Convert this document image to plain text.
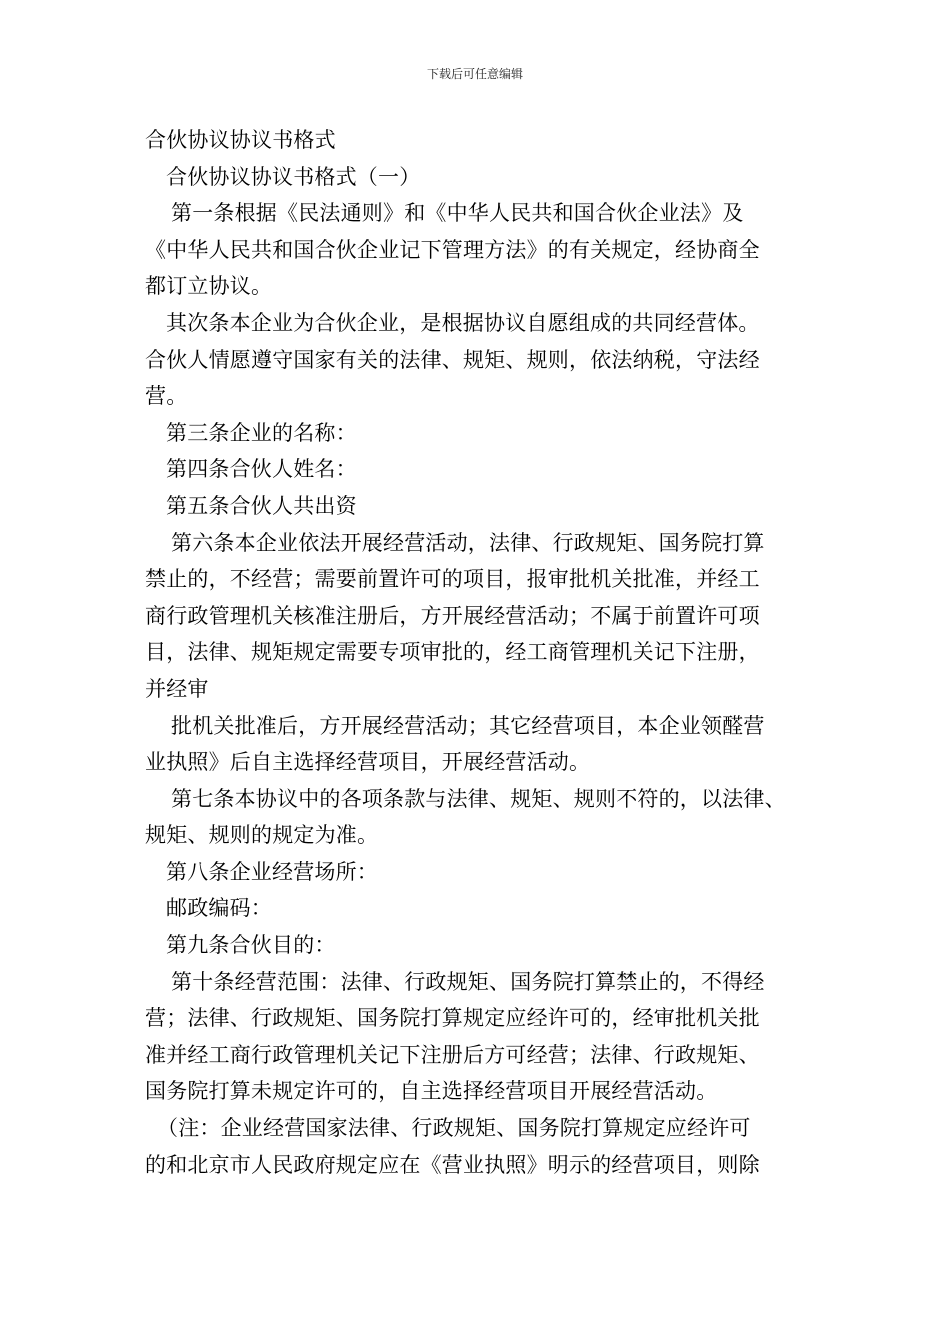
下载后可任意编辑
合伙协议协议书格式
合伙协议协议书格式（一）
第一条根据《民法通则》和《中华人民共和国合伙企业法》及
《中华人民共和国合伙企业记下管理方法》的有关规定，经协商全
都订立协议。
其次条本企业为合伙企业，是根据协议自愿组成的共同经营体。
合伙人情愿遵守国家有关的法律、规矩、规则，依法纳税，守法经
营。
第三条企业的名称：
第四条合伙人姓名：
第五条合伙人共出资
第六条本企业依法开展经营活动，法律、行政规矩、国务院打算
禁止的，不经营；需要前置许可的项目，报审批机关批准，并经工
商行政管理机关核准注册后，方开展经营活动；不属于前置许可项
目，法律、规矩规定需要专项审批的，经工商管理机关记下注册，
并经审
批机关批准后，方开展经营活动；其它经营项目，本企业领醛营
业执照》后自主选择经营项目，开展经营活动。
第七条本协议中的各项条款与法律、规矩、规则不符的，以法律、
规矩、规则的规定为准。
第八条企业经营场所：
邮政编码：
第九条合伙目的：
第十条经营范围：法律、行政规矩、国务院打算禁止的，不得经
营；法律、行政规矩、国务院打算规定应经许可的，经审批机关批
准并经工商行政管理机关记下注册后方可经营；法律、行政规矩、
国务院打算未规定许可的，自主选择经营项目开展经营活动。
（注：企业经营国家法律、行政规矩、国务院打算规定应经许可
的和北京市人民政府规定应在《营业执照》明示的经营项目，则除
